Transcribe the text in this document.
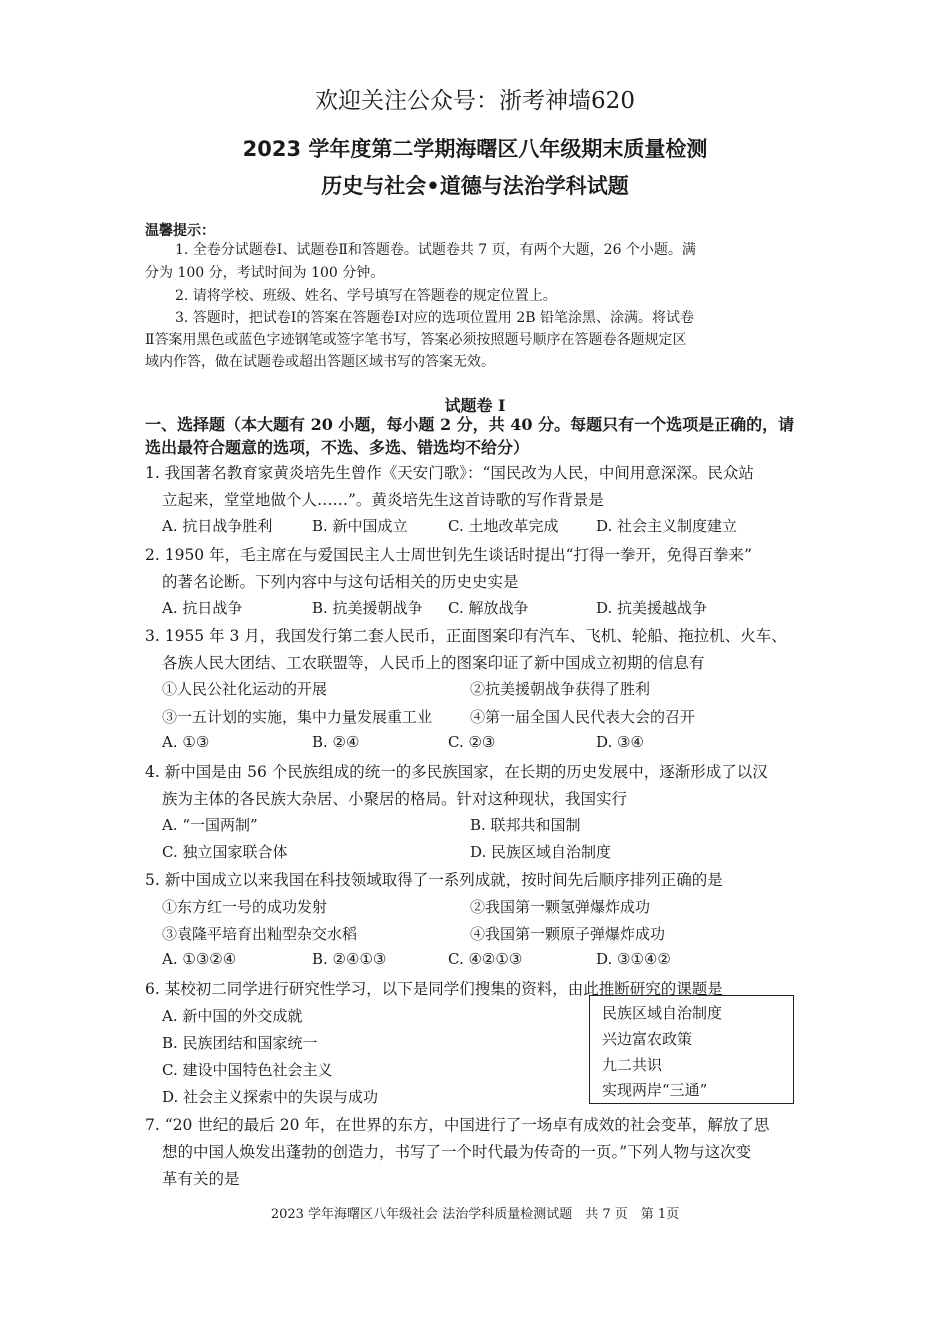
欢迎关注公众号：浙考神墙620
2023 学年度第二学期海曙区八年级期末质量检测
历史与社会•道德与法治学科试题
温馨提示：
1. 全卷分试题卷Ⅰ、试题卷Ⅱ和答题卷。试题卷共 7 页，有两个大题，26 个小题。满
分为 100 分，考试时间为 100 分钟。
2. 请将学校、班级、姓名、学号填写在答题卷的规定位置上。
3. 答题时，把试卷Ⅰ的答案在答题卷Ⅰ对应的选项位置用 2B 铅笔涂黑、涂满。将试卷
Ⅱ答案用黑色或蓝色字迹钢笔或签字笔书写，答案必须按照题号顺序在答题卷各题规定区
域内作答，做在试题卷或超出答题区域书写的答案无效。
试题卷 I
一、选择题（本大题有 20 小题，每小题 2 分，共 40 分。每题只有一个选项是正确的，请
选出最符合题意的选项，不选、多选、错选均不给分）
1. 我国著名教育家黄炎培先生曾作《天安门歌》：“国民改为人民，中间用意深深。民众站
立起来，堂堂地做个人……”。黄炎培先生这首诗歌的写作背景是
A. 抗日战争胜利	B. 新中国成立	C. 土地改革完成	D. 社会主义制度建立
2. 1950 年，毛主席在与爱国民主人士周世钊先生谈话时提出“打得一拳开，免得百拳来”
的著名论断。下列内容中与这句话相关的历史史实是
A. 抗日战争	B. 抗美援朝战争 C. 解放战争	D. 抗美援越战争
3. 1955 年 3 月，我国发行第二套人民币，正面图案印有汽车、飞机、轮船、拖拉机、火车、
各族人民大团结、工农联盟等，人民币上的图案印证了新中国成立初期的信息有
①人民公社化运动的开展	②抗美援朝战争获得了胜利
③一五计划的实施，集中力量发展重工业	④第一届全国人民代表大会的召开
A. ①③	B. ②④	C. ②③	D. ③④
4. 新中国是由 56 个民族组成的统一的多民族国家，在长期的历史发展中，逐渐形成了以汉
族为主体的各民族大杂居、小聚居的格局。针对这种现状，我国实行
A. “一国两制”	B. 联邦共和国制
C. 独立国家联合体	D. 民族区域自治制度
5. 新中国成立以来我国在科技领域取得了一系列成就，按时间先后顺序排列正确的是
①东方红一号的成功发射	②我国第一颗氢弹爆炸成功
③袁隆平培育出籼型杂交水稻	④我国第一颗原子弹爆炸成功
A. ①③②④	B. ②④①③	C. ④②①③	D. ③①④②
6. 某校初二同学进行研究性学习，以下是同学们搜集的资料，由此推断研究的课题是
A. 新中国的外交成就
B. 民族团结和国家统一
C. 建设中国特色社会主义
D. 社会主义探索中的失误与成功
民族区域自治制度
兴边富农政策
九二共识
实现两岸“三通”
7. “20 世纪的最后 20 年，在世界的东方，中国进行了一场卓有成效的社会变革，解放了思
想的中国人焕发出蓬勃的创造力，书写了一个时代最为传奇的一页。”下列人物与这次变
革有关的是
2023 学年海曙区八年级社会 法治学科质量检测试题　共 7 页　第 1页
